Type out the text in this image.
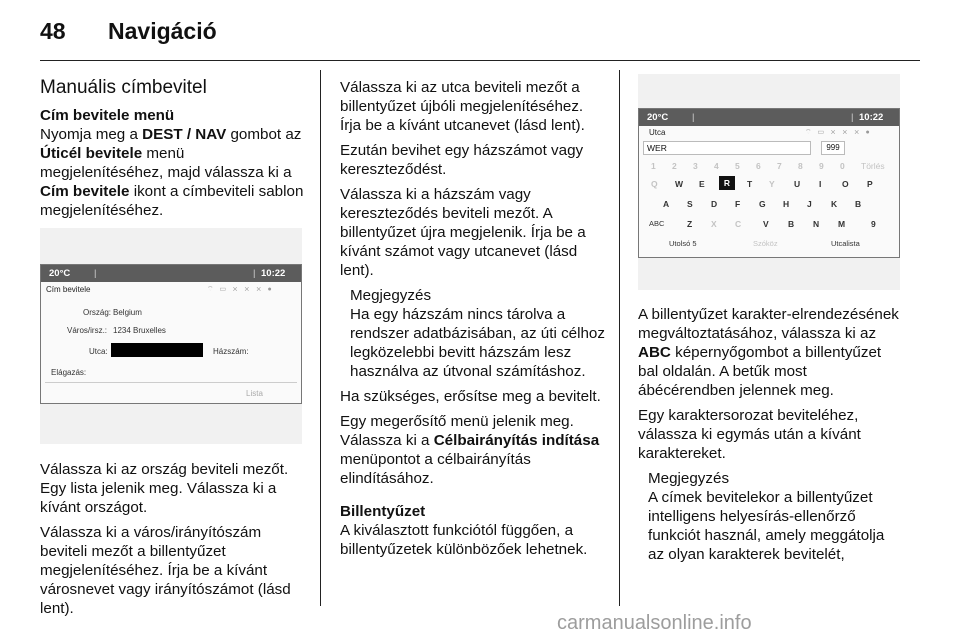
48 Navigáció
Manuális címbevitel
Cím bevitele menü

Nyomja meg a DEST / NAV gombot az Úticél bevitele menü megjelenítéséhez, majd válassza ki a Cím bevitele ikont a címbeviteli sablon megjelenítéséhez.

20°C	|	| 10:22
Cím bevitele	⌔ ▭ ⨯ ⨯ ⨯ ●
Ország: Belgium
Város/irsz.: 1234 Bruxelles
Utca:	Házszám:
Elágazás:
Lista

Válassza ki az ország beviteli mezőt. Egy lista jelenik meg. Válassza ki a kívánt országot.

Válassza ki a város/irányítószám beviteli mezőt a billentyűzet megjelenítéséhez. Írja be a kívánt városnevet vagy irányítószámot (lásd lent).

Válassza ki az utca beviteli mezőt a billentyűzet újbóli megjelenítéséhez. Írja be a kívánt utcanevet (lásd lent).

Ezután bevihet egy házszámot vagy kereszteződést.

Válassza ki a házszám vagy kereszteződés beviteli mezőt. A billentyűzet újra megjelenik. Írja be a kívánt számot vagy utcanevet (lásd lent).

Megjegyzés

Ha egy házszám nincs tárolva a rendszer adatbázisában, az úti célhoz legközelebbi bevitt házszám lesz használva az útvonal számításhoz.

Ha szükséges, erősítse meg a bevitelt.

Egy megerősítő menü jelenik meg. Válassza ki a Célbairányítás indítása menüpontot a célbairányítás elindításához.

Billentyűzet

A kiválasztott funkciótól függően, a billentyűzetek különbözőek lehetnek.

20°C	|	| 10:22
Utca	⌔ ▭ ⨯ ⨯ ⨯ ●
WER	999
1 2 3 4 5 6 7 8 9 0 Törlés
Q W E	R	T Y U I O P
A S D F G H J K B
ABC	Z X C	V B N M	9
Utolsó 5	Szóköz	Utcalista

A billentyűzet karakter-elrendezésének megváltoztatásához, válassza ki az ABC képernyőgombot a billentyűzet bal oldalán. A betűk most ábécérendben jelennek meg.

Egy karaktersorozat beviteléhez, válassza ki egymás után a kívánt karaktereket.

Megjegyzés

A címek bevitelekor a billentyűzet intelligens helyesírás-ellenőrző funkciót használ, amely meggátolja az olyan karakterek bevitelét,

carmanualsonline.info
